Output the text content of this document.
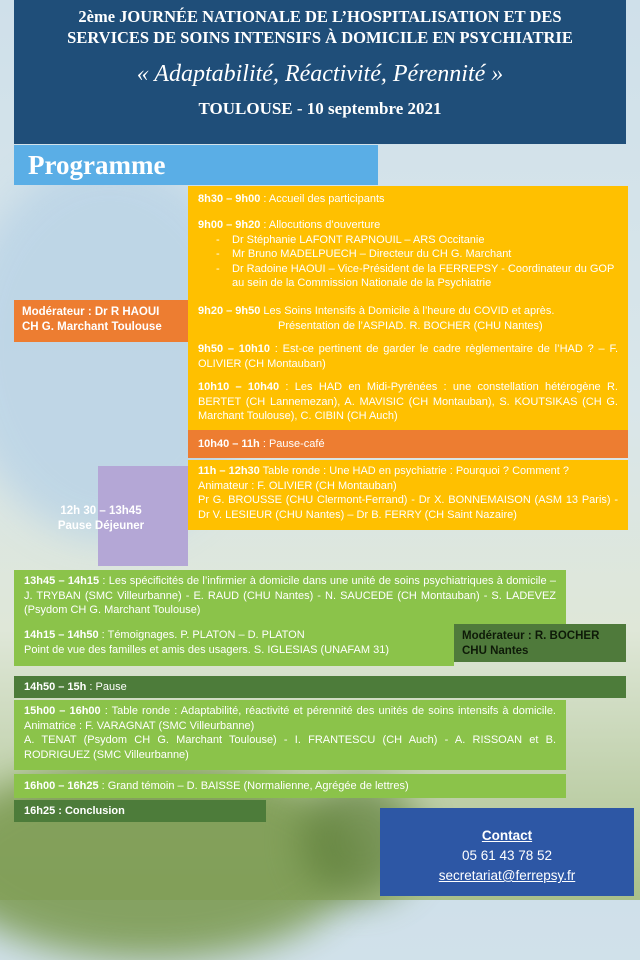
2ème JOURNÉE NATIONALE DE L’HOSPITALISATION ET DES
SERVICES DE SOINS INTENSIFS À DOMICILE EN PSYCHIATRIE
« Adaptabilité, Réactivité, Pérennité »
TOULOUSE - 10 septembre 2021
Programme
8h30 – 9h00 : Accueil des participants
9h00 – 9h20 : Allocutions d’ouverture
- Dr Stéphanie LAFONT RAPNOUIL – ARS Occitanie
- Mr Bruno MADELPUECH – Directeur du CH G. Marchant
- Dr Radoine HAOUI – Vice-Président de la FERREPSY - Coordinateur du GOP au sein de la Commission Nationale de la Psychiatrie
Modérateur : Dr R HAOUI
CH G. Marchant Toulouse
9h20 – 9h50 Les Soins Intensifs à Domicile à l’heure du COVID et après.
Présentation de l’ASPIAD. R. BOCHER (CHU Nantes)
9h50 – 10h10 : Est-ce pertinent de garder le cadre règlementaire de l’HAD ? – F. OLIVIER (CH Montauban)
10h10 – 10h40 : Les HAD en Midi-Pyrénées : une constellation hétérogène R. BERTET (CH Lannemezan), A. MAVISIC (CH Montauban), S. KOUTSIKAS (CH G. Marchant Toulouse), C. CIBIN (CH Auch)
10h40 – 11h : Pause-café
12h 30 – 13h45
Pause Déjeuner
11h – 12h30 Table ronde : Une HAD en psychiatrie : Pourquoi ? Comment ?
Animateur : F. OLIVIER (CH Montauban)
Pr G. BROUSSE (CHU Clermont-Ferrand) - Dr X. BONNEMAISON (ASM 13 Paris) - Dr V. LESIEUR (CHU Nantes) – Dr B. FERRY (CH Saint Nazaire)
13h45 – 14h15 : Les spécificités de l’infirmier à domicile dans une unité de soins psychiatriques à domicile – J. TRYBAN (SMC Villeurbanne) - E. RAUD (CHU Nantes) - N. SAUCEDE (CH Montauban) - S. LADEVEZ (Psydom CH G. Marchant Toulouse)
14h15 – 14h50 : Témoignages. P. PLATON – D. PLATON
Point de vue des familles et amis des usagers. S. IGLESIAS (UNAFAM 31)
Modérateur : R. BOCHER
CHU Nantes
14h50 – 15h : Pause
15h00 – 16h00 : Table ronde : Adaptabilité, réactivité et pérennité des unités de soins intensifs à domicile. Animatrice : F. VARAGNAT (SMC Villeurbanne)
A. TENAT (Psydom CH G. Marchant Toulouse) - I. FRANTESCU (CH Auch) - A. RISSOAN et B. RODRIGUEZ (SMC Villeurbanne)
16h00 – 16h25 : Grand témoin – D. BAISSE (Normalienne, Agrégée de lettres)
16h25 : Conclusion
Contact
05 61 43 78 52
secretariat@ferrepsy.fr
